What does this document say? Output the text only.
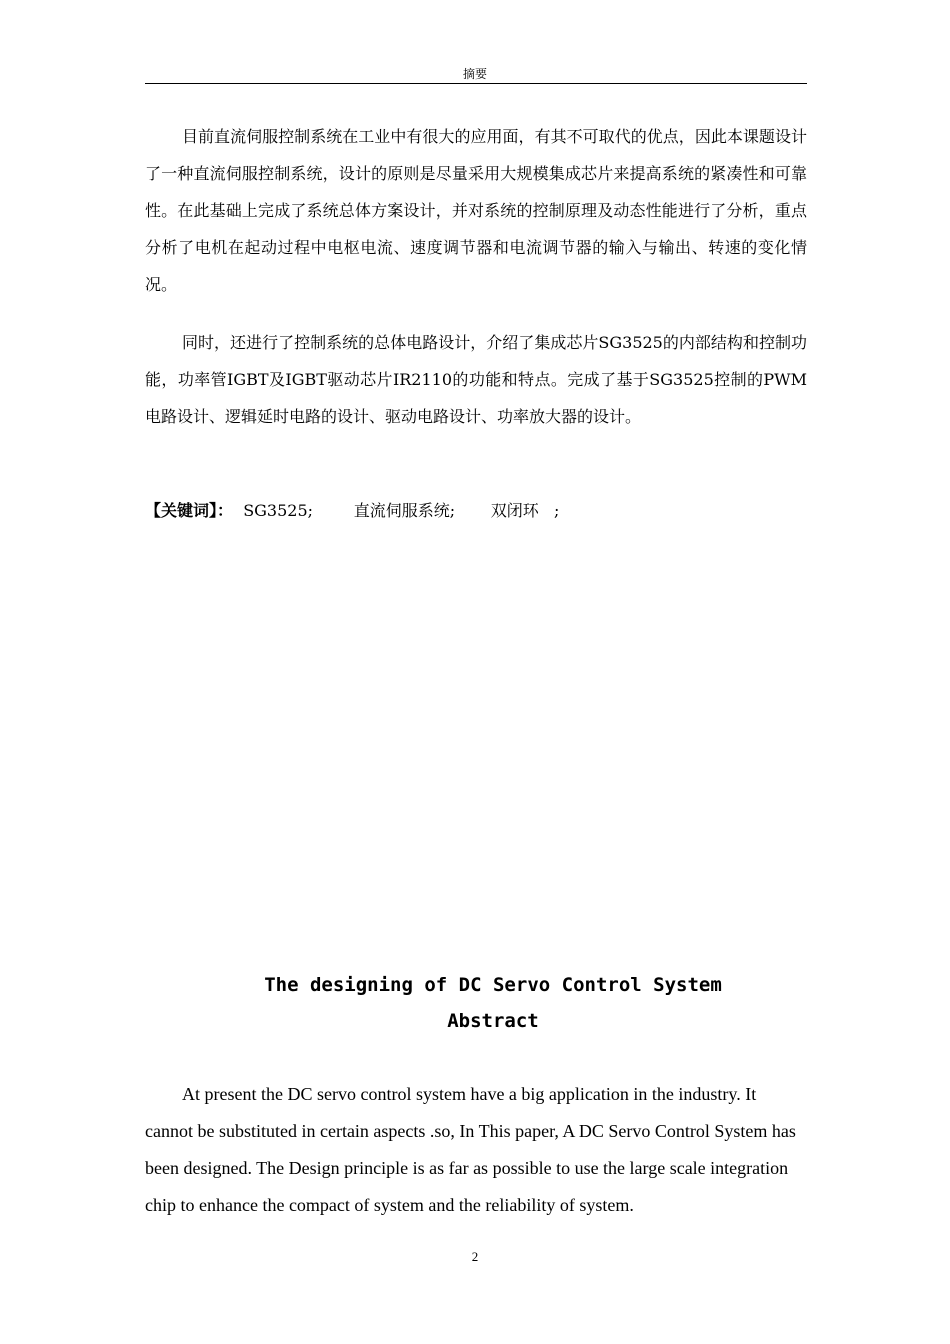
摘要

目前直流伺服控制系统在工业中有很大的应用面，有其不可取代的优点，因此本课题设计了一种直流伺服控制系统，设计的原则是尽量采用大规模集成芯片来提高系统的紧凑性和可靠性。在此基础上完成了系统总体方案设计，并对系统的控制原理及动态性能进行了分析，重点分析了电机在起动过程中电枢电流、速度调节器和电流调节器的输入与输出、转速的变化情况。

同时，还进行了控制系统的总体电路设计，介绍了集成芯片SG3525的内部结构和控制功能，功率管IGBT及IGBT驱动芯片IR2110的功能和特点。完成了基于SG3525控制的PWM电路设计、逻辑延时电路的设计、驱动电路设计、功率放大器的设计。

【关键词】：  SG3525;        直流伺服系统;       双闭环   ;
The designing of DC Servo Control System
Abstract

At present the DC servo control system have a big application in the industry. It cannot be substituted in certain aspects .so, In This paper, A DC Servo Control System has been designed. The Design principle is as far as possible to use the large scale integration chip to enhance the compact of system and the reliability of system.

2
